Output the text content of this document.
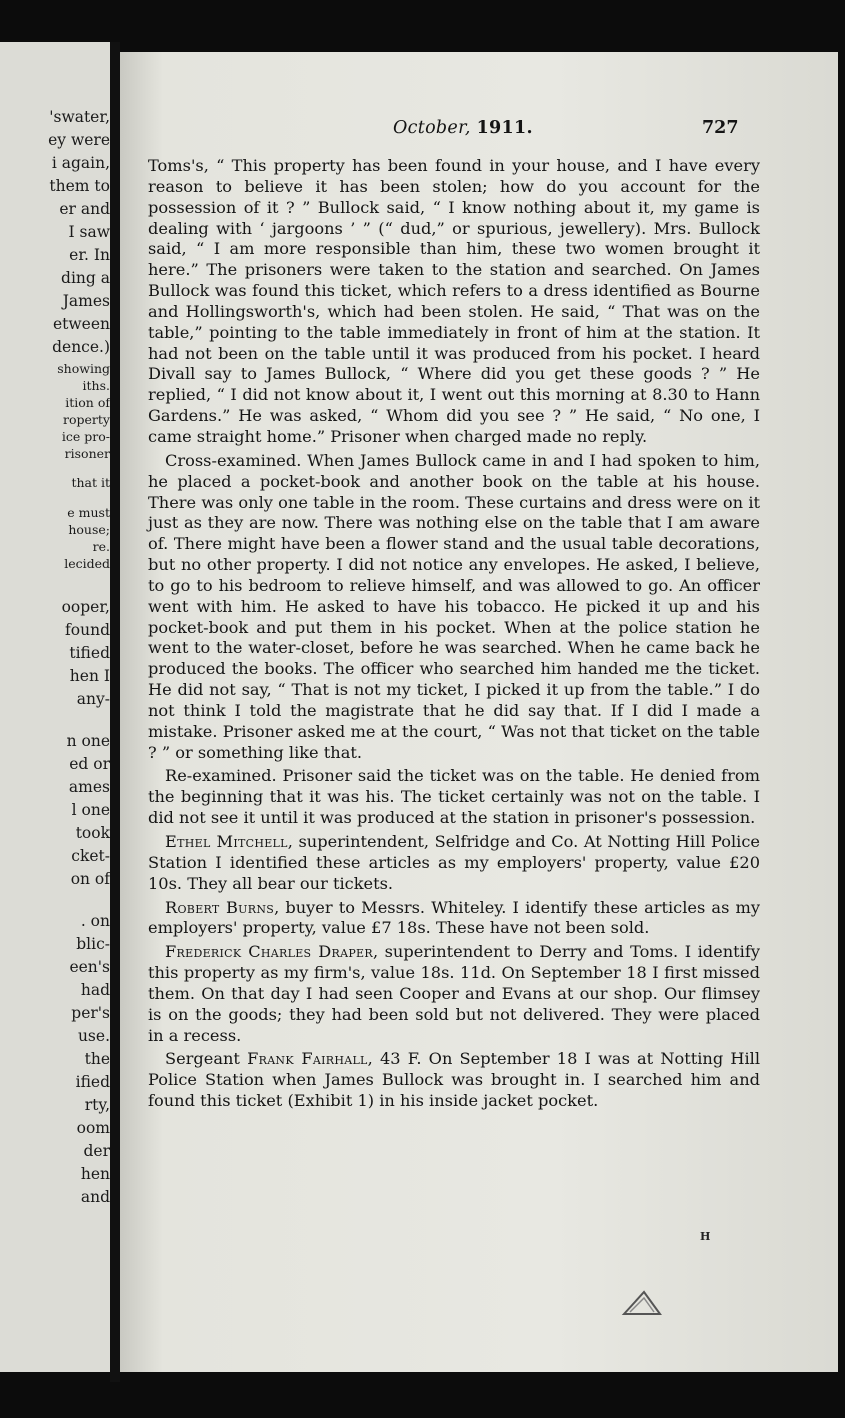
'swater,
ey were
i again,
them to
er and
I saw
er. In
ding a
James
etween
dence.)
showing
iths.
ition of
roperty
ice pro-
risoner
that it
e must
house;
re.
lecided
ooper,
found
tified
hen I
any-
n one
ed or
ames
l one
took
cket-
on of
. on
blic-
een's
had
per's
use.
the
ified
rty,
oom
der
hen
and
October, 1911.	727

Toms's, “ This property has been found in your house, and I have every reason to believe it has been stolen; how do you account for the possession of it ? ” Bullock said, “ I know nothing about it, my game is dealing with ‘ jargoons ’ ” (“ dud,” or spurious, jewellery). Mrs. Bullock said, “ I am more responsible than him, these two women brought it here.” The prisoners were taken to the station and searched. On James Bullock was found this ticket, which refers to a dress identified as Bourne and Hollingsworth's, which had been stolen. He said, “ That was on the table,” pointing to the table immediately in front of him at the station. It had not been on the table until it was produced from his pocket. I heard Divall say to James Bullock, “ Where did you get these goods ? ” He replied, “ I did not know about it, I went out this morning at 8.30 to Hann Gardens.” He was asked, “ Whom did you see ? ” He said, “ No one, I came straight home.” Prisoner when charged made no reply.

Cross-examined. When James Bullock came in and I had spoken to him, he placed a pocket-book and another book on the table at his house. There was only one table in the room. These curtains and dress were on it just as they are now. There was nothing else on the table that I am aware of. There might have been a flower stand and the usual table decorations, but no other property. I did not notice any envelopes. He asked, I believe, to go to his bedroom to relieve himself, and was allowed to go. An officer went with him. He asked to have his tobacco. He picked it up and his pocket-book and put them in his pocket. When at the police station he went to the water-closet, before he was searched. When he came back he produced the books. The officer who searched him handed me the ticket. He did not say, “ That is not my ticket, I picked it up from the table.” I do not think I told the magistrate that he did say that. If I did I made a mistake. Prisoner asked me at the court, “ Was not that ticket on the table ? ” or something like that.

Re-examined. Prisoner said the ticket was on the table. He denied from the beginning that it was his. The ticket certainly was not on the table. I did not see it until it was produced at the station in prisoner's possession.

Ethel Mitchell, superintendent, Selfridge and Co. At Notting Hill Police Station I identified these articles as my employers' property, value £20 10s. They all bear our tickets.

Robert Burns, buyer to Messrs. Whiteley. I identify these articles as my employers' property, value £7 18s. These have not been sold.

Frederick Charles Draper, superintendent to Derry and Toms. I identify this property as my firm's, value 18s. 11d. On September 18 I first missed them. On that day I had seen Cooper and Evans at our shop. Our flimsey is on the goods; they had been sold but not delivered. They were placed in a recess.

Sergeant Frank Fairhall, 43 F. On September 18 I was at Notting Hill Police Station when James Bullock was brought in. I searched him and found this ticket (Exhibit 1) in his inside jacket pocket.

H
